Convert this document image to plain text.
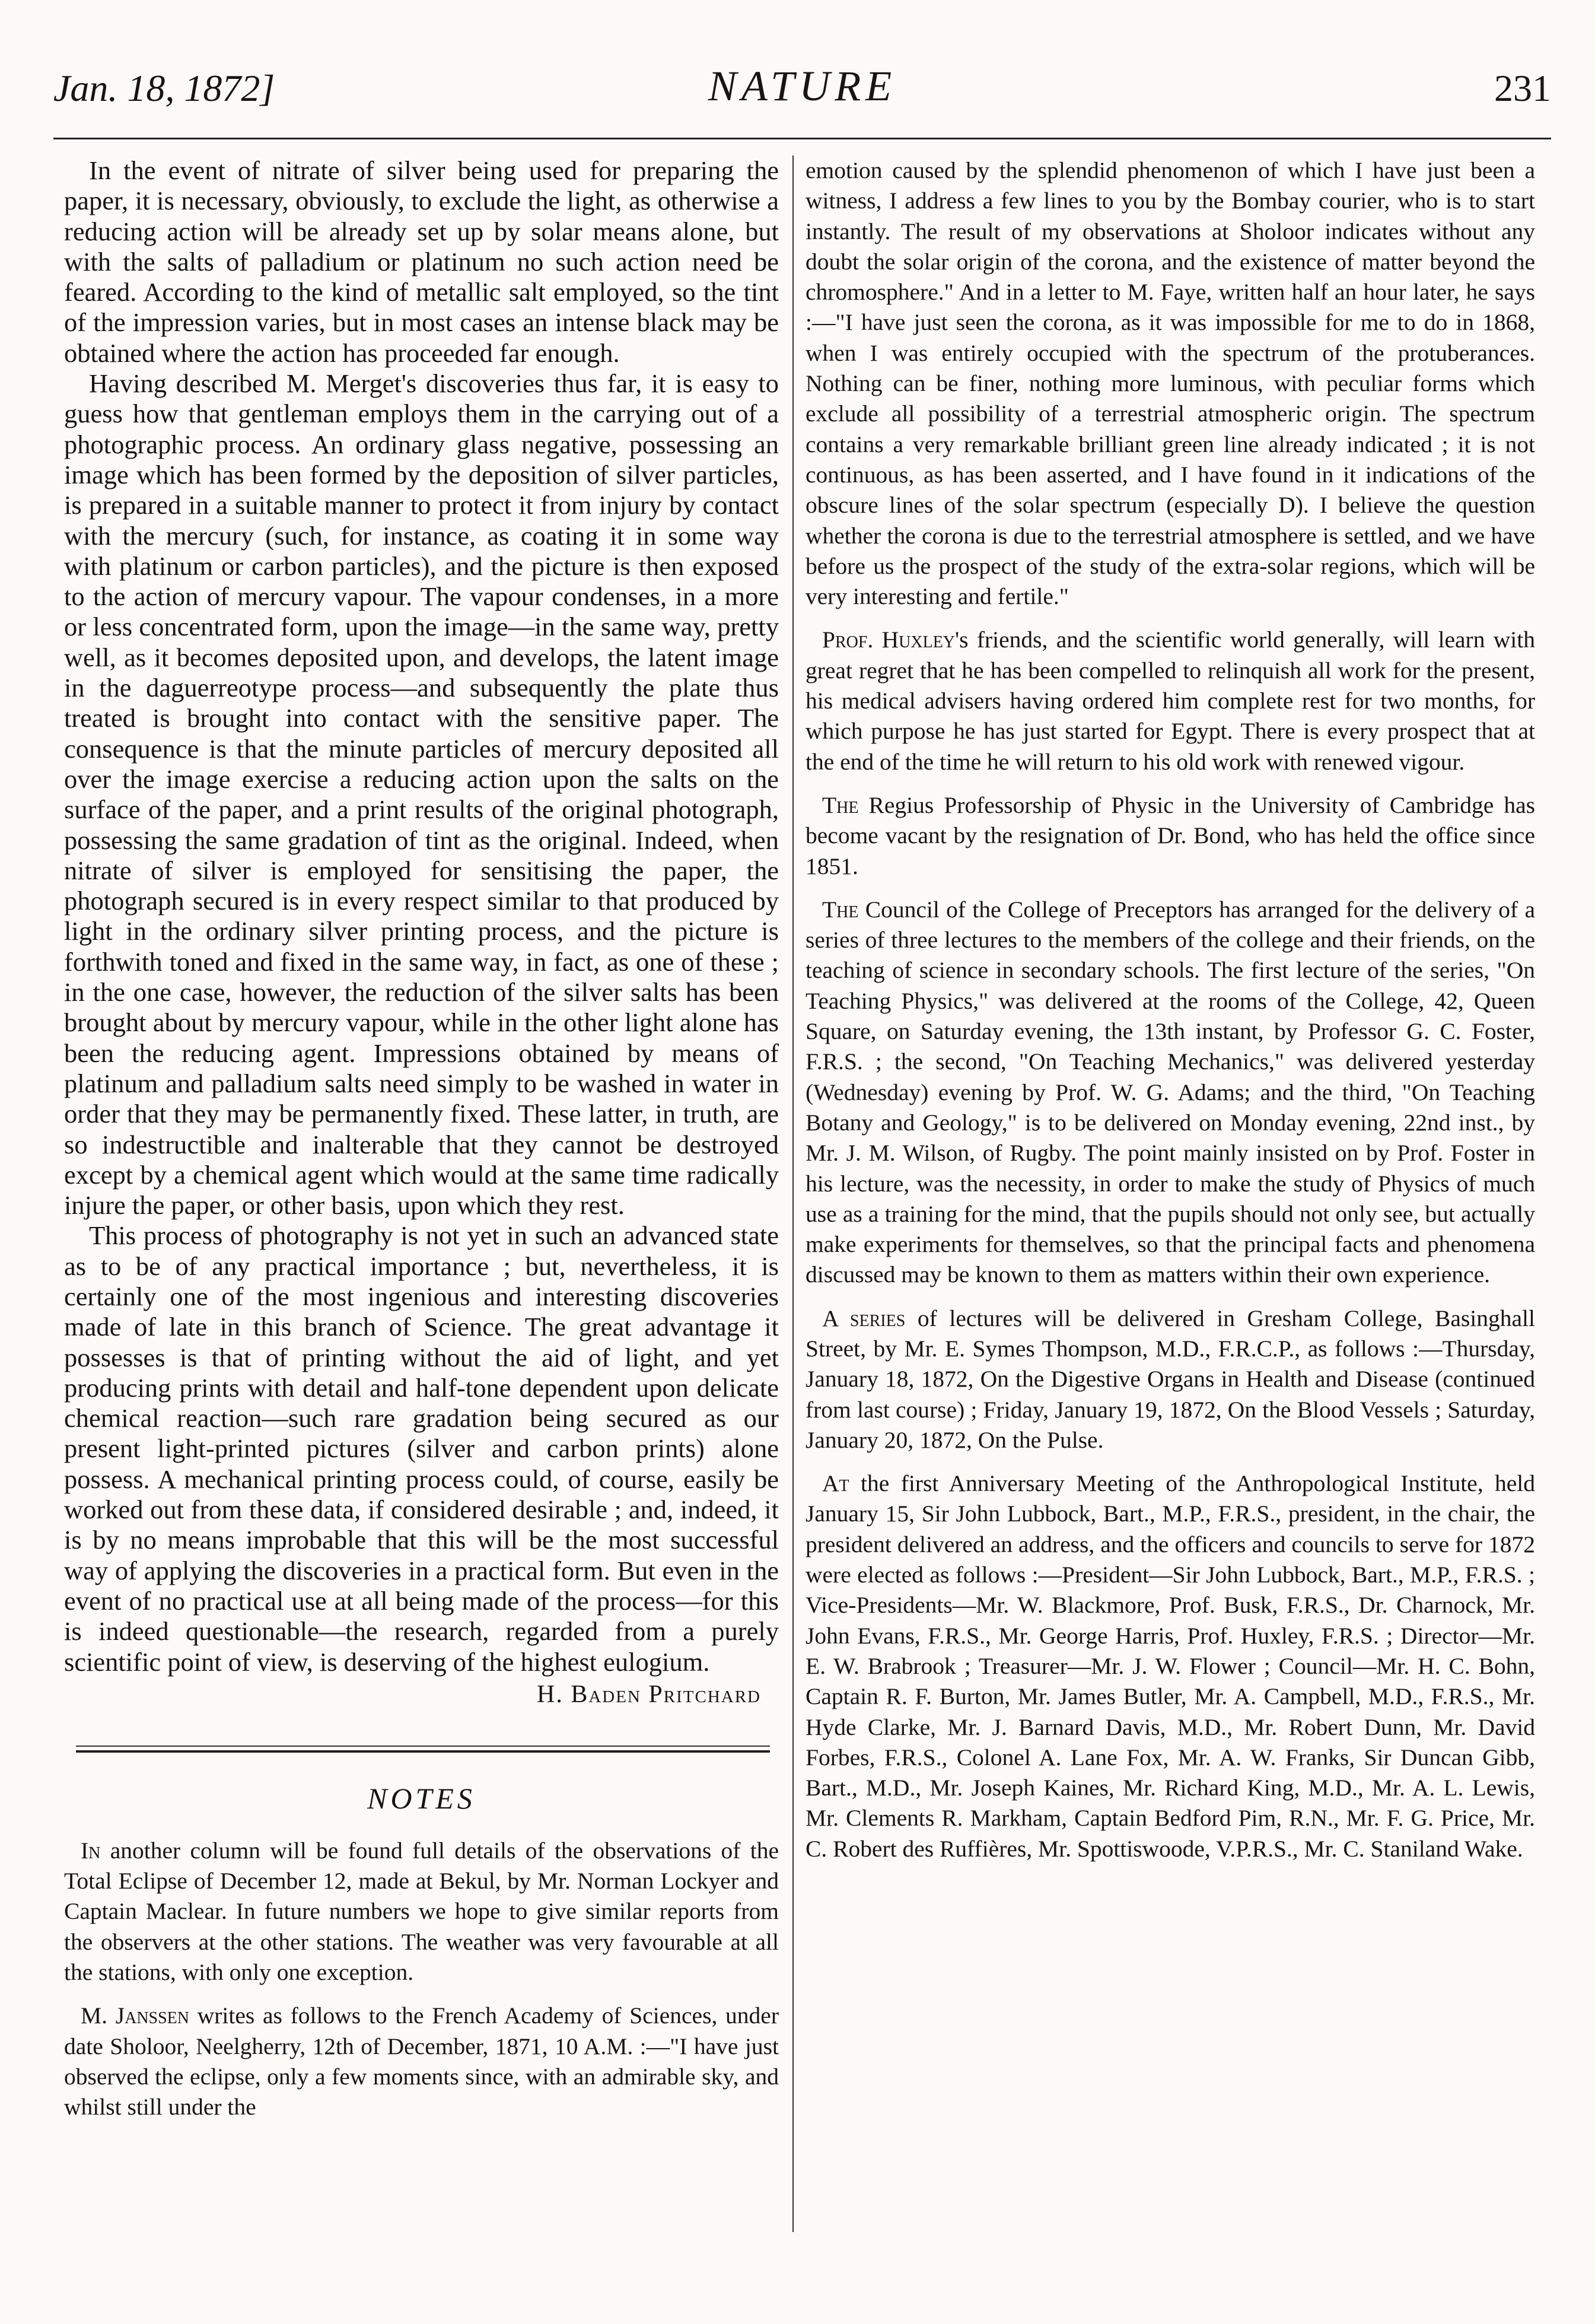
Jan. 18, 1872]	NATURE	231

In the event of nitrate of silver being used for preparing the paper, it is necessary, obviously, to exclude the light, as otherwise a reducing action will be already set up by solar means alone, but with the salts of palladium or platinum no such action need be feared. According to the kind of metallic salt employed, so the tint of the impression varies, but in most cases an intense black may be obtained where the action has proceeded far enough.

Having described M. Merget's discoveries thus far, it is easy to guess how that gentleman employs them in the carrying out of a photographic process. An ordinary glass negative, possessing an image which has been formed by the deposition of silver particles, is prepared in a suitable manner to protect it from injury by contact with the mercury (such, for instance, as coating it in some way with platinum or carbon particles), and the picture is then exposed to the action of mercury vapour. The vapour condenses, in a more or less concentrated form, upon the image—in the same way, pretty well, as it becomes deposited upon, and develops, the latent image in the daguerreotype process—and subsequently the plate thus treated is brought into contact with the sensitive paper. The consequence is that the minute particles of mercury deposited all over the image exercise a reducing action upon the salts on the surface of the paper, and a print results of the original photograph, possessing the same gradation of tint as the original. Indeed, when nitrate of silver is employed for sensitising the paper, the photograph secured is in every respect similar to that produced by light in the ordinary silver printing process, and the picture is forthwith toned and fixed in the same way, in fact, as one of these ; in the one case, however, the reduction of the silver salts has been brought about by mercury vapour, while in the other light alone has been the reducing agent. Impressions obtained by means of platinum and palladium salts need simply to be washed in water in order that they may be permanently fixed. These latter, in truth, are so indestructible and inalterable that they cannot be destroyed except by a chemical agent which would at the same time radically injure the paper, or other basis, upon which they rest.

This process of photography is not yet in such an advanced state as to be of any practical importance ; but, nevertheless, it is certainly one of the most ingenious and interesting discoveries made of late in this branch of Science. The great advantage it possesses is that of printing without the aid of light, and yet producing prints with detail and half-tone dependent upon delicate chemical reaction—such rare gradation being secured as our present light-printed pictures (silver and carbon prints) alone possess. A mechanical printing process could, of course, easily be worked out from these data, if considered desirable ; and, indeed, it is by no means improbable that this will be the most successful way of applying the discoveries in a practical form. But even in the event of no practical use at all being made of the process—for this is indeed questionable—the research, regarded from a purely scientific point of view, is deserving of the highest eulogium.

H. Baden Pritchard
NOTES

In another column will be found full details of the observations of the Total Eclipse of December 12, made at Bekul, by Mr. Norman Lockyer and Captain Maclear. In future numbers we hope to give similar reports from the observers at the other stations. The weather was very favourable at all the stations, with only one exception.

M. Janssen writes as follows to the French Academy of Sciences, under date Sholoor, Neelgherry, 12th of December, 1871, 10 A.M. :—"I have just observed the eclipse, only a few moments since, with an admirable sky, and whilst still under the

emotion caused by the splendid phenomenon of which I have just been a witness, I address a few lines to you by the Bombay courier, who is to start instantly. The result of my observations at Sholoor indicates without any doubt the solar origin of the corona, and the existence of matter beyond the chromosphere." And in a letter to M. Faye, written half an hour later, he says :—"I have just seen the corona, as it was impossible for me to do in 1868, when I was entirely occupied with the spectrum of the protuberances. Nothing can be finer, nothing more luminous, with peculiar forms which exclude all possibility of a terrestrial atmospheric origin. The spectrum contains a very remarkable brilliant green line already indicated ; it is not continuous, as has been asserted, and I have found in it indications of the obscure lines of the solar spectrum (especially D). I believe the question whether the corona is due to the terrestrial atmosphere is settled, and we have before us the prospect of the study of the extra-solar regions, which will be very interesting and fertile."

Prof. Huxley's friends, and the scientific world generally, will learn with great regret that he has been compelled to relinquish all work for the present, his medical advisers having ordered him complete rest for two months, for which purpose he has just started for Egypt. There is every prospect that at the end of the time he will return to his old work with renewed vigour.

The Regius Professorship of Physic in the University of Cambridge has become vacant by the resignation of Dr. Bond, who has held the office since 1851.

The Council of the College of Preceptors has arranged for the delivery of a series of three lectures to the members of the college and their friends, on the teaching of science in secondary schools. The first lecture of the series, "On Teaching Physics," was delivered at the rooms of the College, 42, Queen Square, on Saturday evening, the 13th instant, by Professor G. C. Foster, F.R.S. ; the second, "On Teaching Mechanics," was delivered yesterday (Wednesday) evening by Prof. W. G. Adams; and the third, "On Teaching Botany and Geology," is to be delivered on Monday evening, 22nd inst., by Mr. J. M. Wilson, of Rugby. The point mainly insisted on by Prof. Foster in his lecture, was the necessity, in order to make the study of Physics of much use as a training for the mind, that the pupils should not only see, but actually make experiments for themselves, so that the principal facts and phenomena discussed may be known to them as matters within their own experience.

A series of lectures will be delivered in Gresham College, Basinghall Street, by Mr. E. Symes Thompson, M.D., F.R.C.P., as follows :—Thursday, January 18, 1872, On the Digestive Organs in Health and Disease (continued from last course) ; Friday, January 19, 1872, On the Blood Vessels ; Saturday, January 20, 1872, On the Pulse.

At the first Anniversary Meeting of the Anthropological Institute, held January 15, Sir John Lubbock, Bart., M.P., F.R.S., president, in the chair, the president delivered an address, and the officers and councils to serve for 1872 were elected as follows :—President—Sir John Lubbock, Bart., M.P., F.R.S. ; Vice-Presidents—Mr. W. Blackmore, Prof. Busk, F.R.S., Dr. Charnock, Mr. John Evans, F.R.S., Mr. George Harris, Prof. Huxley, F.R.S. ; Director—Mr. E. W. Brabrook ; Treasurer—Mr. J. W. Flower ; Council—Mr. H. C. Bohn, Captain R. F. Burton, Mr. James Butler, Mr. A. Campbell, M.D., F.R.S., Mr. Hyde Clarke, Mr. J. Barnard Davis, M.D., Mr. Robert Dunn, Mr. David Forbes, F.R.S., Colonel A. Lane Fox, Mr. A. W. Franks, Sir Duncan Gibb, Bart., M.D., Mr. Joseph Kaines, Mr. Richard King, M.D., Mr. A. L. Lewis, Mr. Clements R. Markham, Captain Bedford Pim, R.N., Mr. F. G. Price, Mr. C. Robert des Ruffières, Mr. Spottiswoode, V.P.R.S., Mr. C. Staniland Wake.
